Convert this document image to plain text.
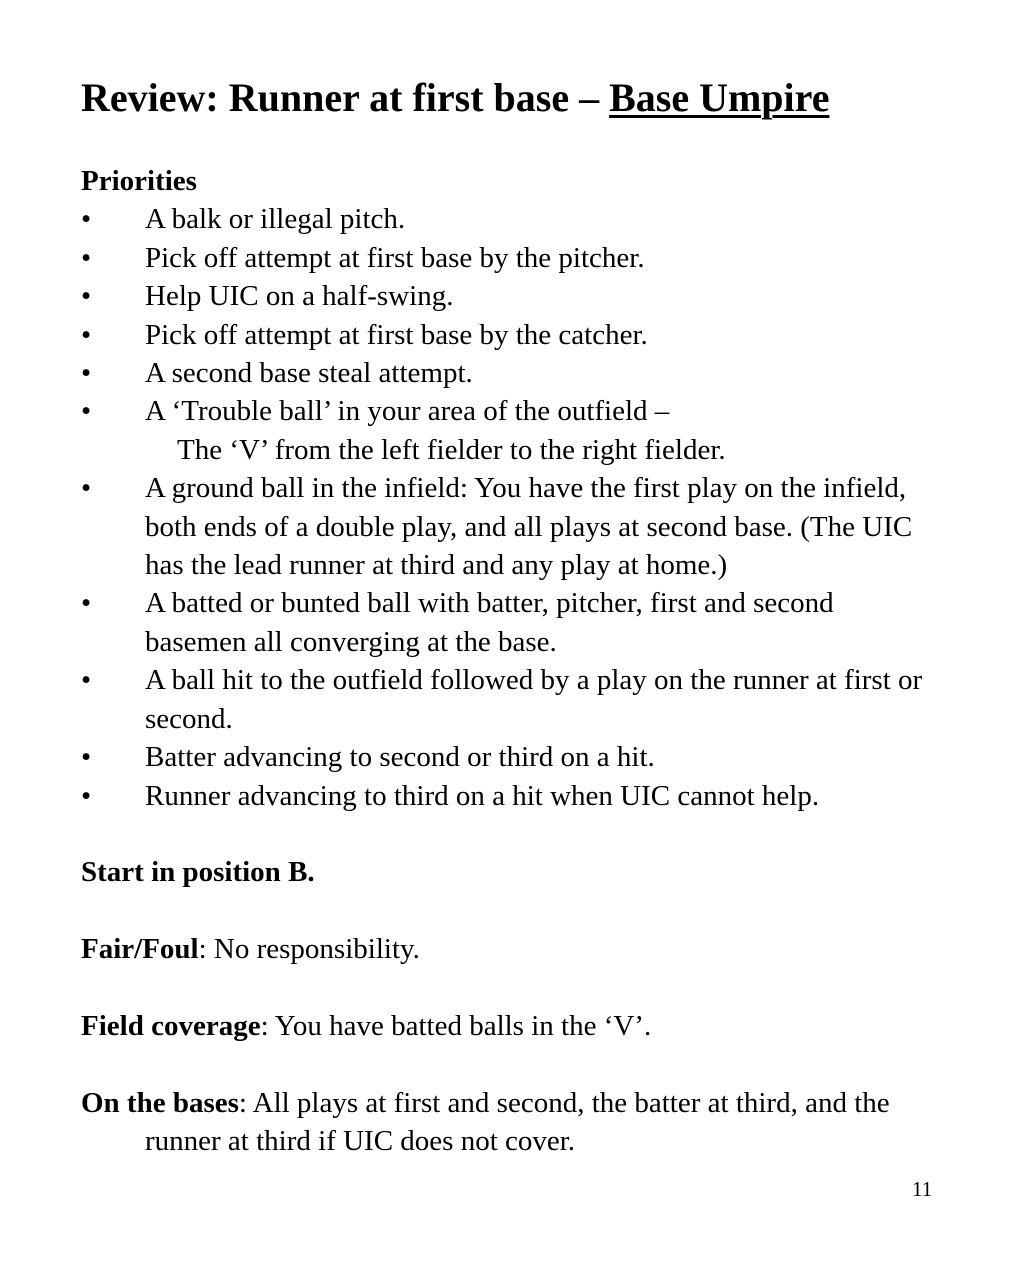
Review: Runner at first base – Base Umpire
Priorities
• A balk or illegal pitch.
• Pick off attempt at first base by the pitcher.
• Help UIC on a half-swing.
• Pick off attempt at first base by the catcher.
• A second base steal attempt.
• A ‘Trouble ball’ in your area of the outfield –
The ‘V’ from the left fielder to the right fielder.
• A ground ball in the infield: You have the first play on the infield, both ends of a double play, and all plays at second base. (The UIC has the lead runner at third and any play at home.)
• A batted or bunted ball with batter, pitcher, first and second basemen all converging at the base.
• A ball hit to the outfield followed by a play on the runner at first or second.
• Batter advancing to second or third on a hit.
• Runner advancing to third on a hit when UIC cannot help.
Start in position B.
Fair/Foul: No responsibility.
Field coverage: You have batted balls in the ‘V’.
On the bases: All plays at first and second, the batter at third, and the runner at third if UIC does not cover.
11
